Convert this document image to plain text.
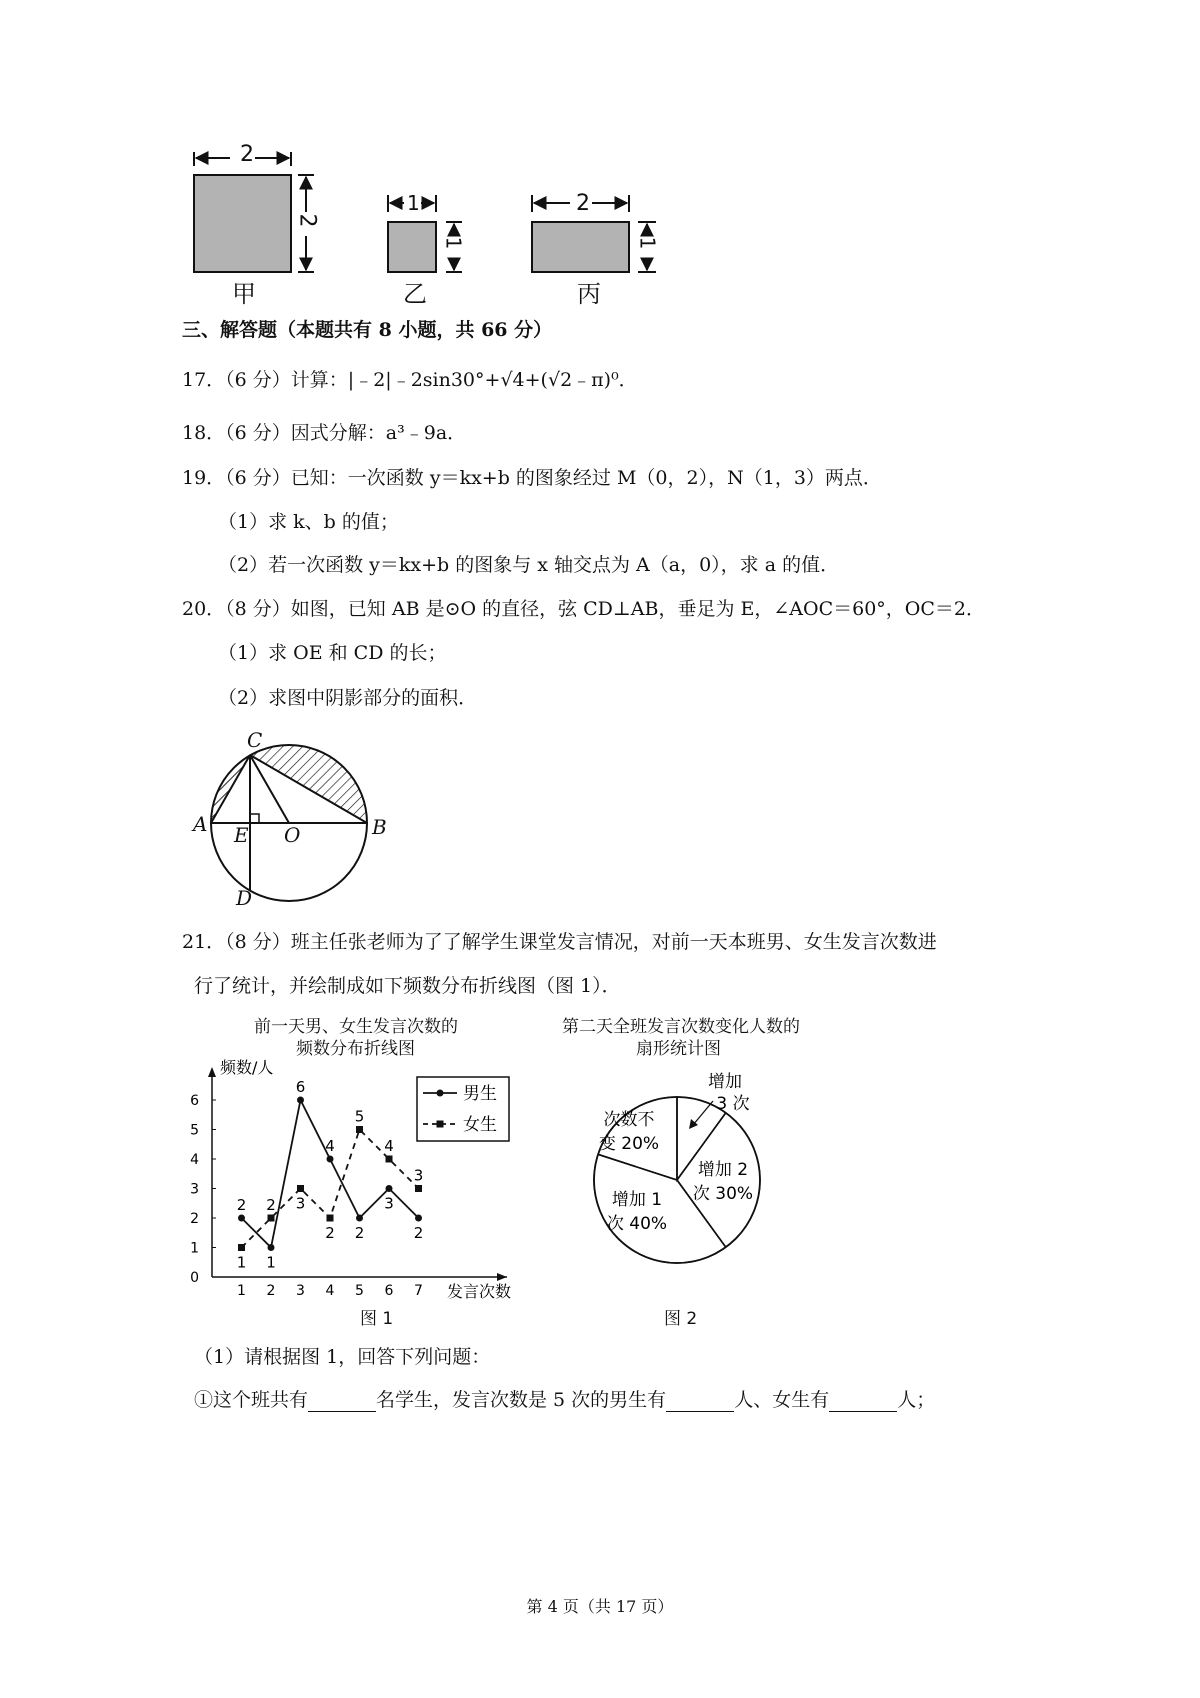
2
2
甲
1
1
乙
2
1
丙
三、解答题（本题共有 8 小题，共 66 分）
17．（6 分）计算：|﹣2|﹣2sin30°+√4+(√2﹣π)⁰．
18．（6 分）因式分解：a³﹣9a．
19．（6 分）已知：一次函数 y＝kx+b 的图象经过 M（0，2），N（1，3）两点．
（1）求 k、b 的值；
（2）若一次函数 y＝kx+b 的图象与 x 轴交点为 A（a，0），求 a 的值．
20．（8 分）如图，已知 AB 是⊙O 的直径，弦 CD⊥AB，垂足为 E，∠AOC＝60°，OC＝2．
（1）求 OE 和 CD 的长；
（2）求图中阴影部分的面积．
C
A E O	B
D
21．（8 分）班主任张老师为了了解学生课堂发言情况，对前一天本班男、女生发言次数进
行了统计，并绘制成如下频数分布折线图（图 1）．
前一天男、女生发言次数的
频数分布折线图
频数/人
发言次数
0
1
2
3
4
5
6
1 2 3 4 5 6 7
2
1
6
4
2
3
2
1
2 3
2
5
4
3
男生
女生
图 1
第二天全班发言次数变化人数的
扇形统计图
增加
3 次
增加 2
次 30%
增加 1
次 40%
次数不
变 20%
图 2
（1）请根据图 1，回答下列问题：
①这个班共有	名学生，发言次数是 5 次的男生有	人、女生有	人；
第 4 页（共 17 页）
